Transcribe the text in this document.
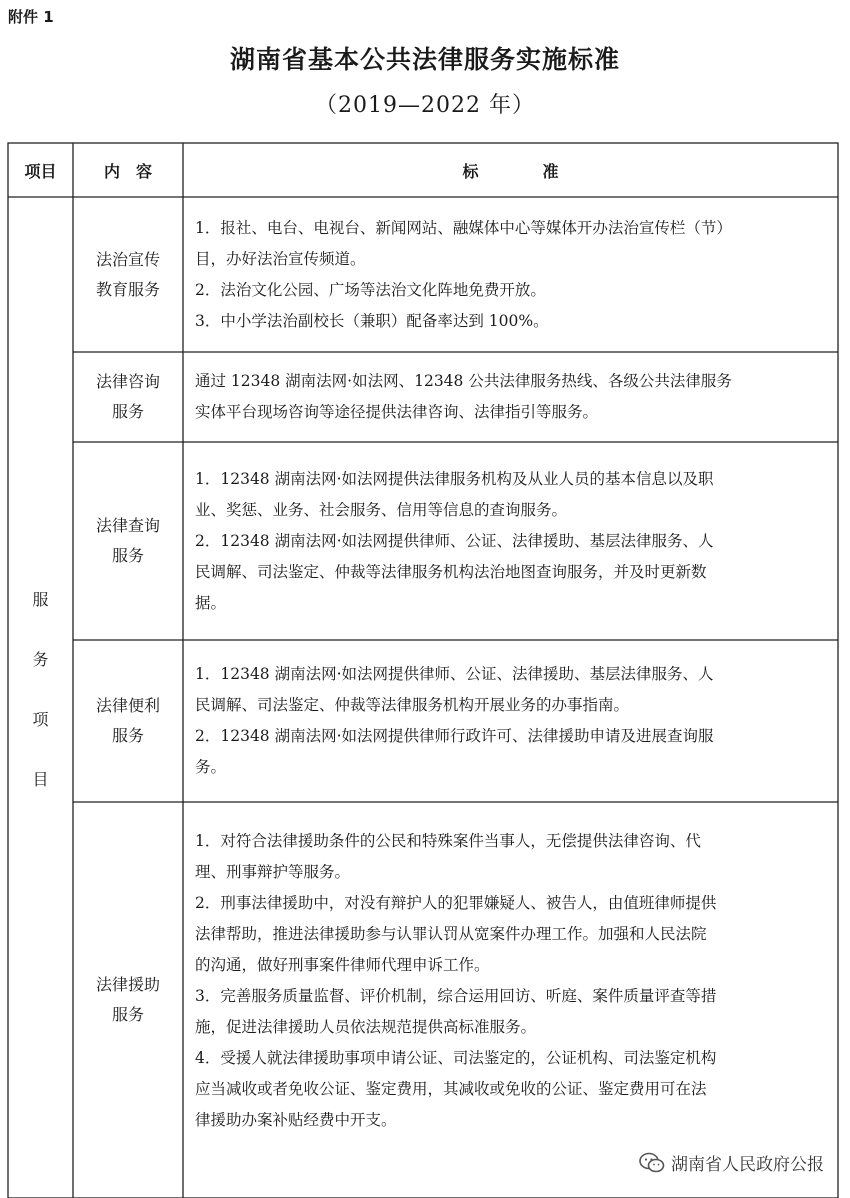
附件 1
湖南省基本公共法律服务实施标准
（2019—2022 年）
项目	内　容	标　　　　准
服
务
项
目
法治宣传
教育服务

1．报社、电台、电视台、新闻网站、融媒体中心等媒体开办法治宣传栏（节）

目，办好法治宣传频道。

2．法治文化公园、广场等法治文化阵地免费开放。

3．中小学法治副校长（兼职）配备率达到 100%。

法律咨询
服务

通过 12348 湖南法网·如法网、12348 公共法律服务热线、各级公共法律服务

实体平台现场咨询等途径提供法律咨询、法律指引等服务。

法律查询
服务

1．12348 湖南法网·如法网提供法律服务机构及从业人员的基本信息以及职

业、奖惩、业务、社会服务、信用等信息的查询服务。

2．12348 湖南法网·如法网提供律师、公证、法律援助、基层法律服务、人

民调解、司法鉴定、仲裁等法律服务机构法治地图查询服务，并及时更新数

据。

法律便利
服务

1．12348 湖南法网·如法网提供律师、公证、法律援助、基层法律服务、人

民调解、司法鉴定、仲裁等法律服务机构开展业务的办事指南。

2．12348 湖南法网·如法网提供律师行政许可、法律援助申请及进展查询服

务。

法律援助
服务

1．对符合法律援助条件的公民和特殊案件当事人，无偿提供法律咨询、代

理、刑事辩护等服务。

2．刑事法律援助中，对没有辩护人的犯罪嫌疑人、被告人，由值班律师提供

法律帮助，推进法律援助参与认罪认罚从宽案件办理工作。加强和人民法院

的沟通，做好刑事案件律师代理申诉工作。

3．完善服务质量监督、评价机制，综合运用回访、听庭、案件质量评查等措

施，促进法律援助人员依法规范提供高标准服务。

4．受援人就法律援助事项申请公证、司法鉴定的，公证机构、司法鉴定机构

应当减收或者免收公证、鉴定费用，其减收或免收的公证、鉴定费用可在法

律援助办案补贴经费中开支。

湖南省人民政府公报
